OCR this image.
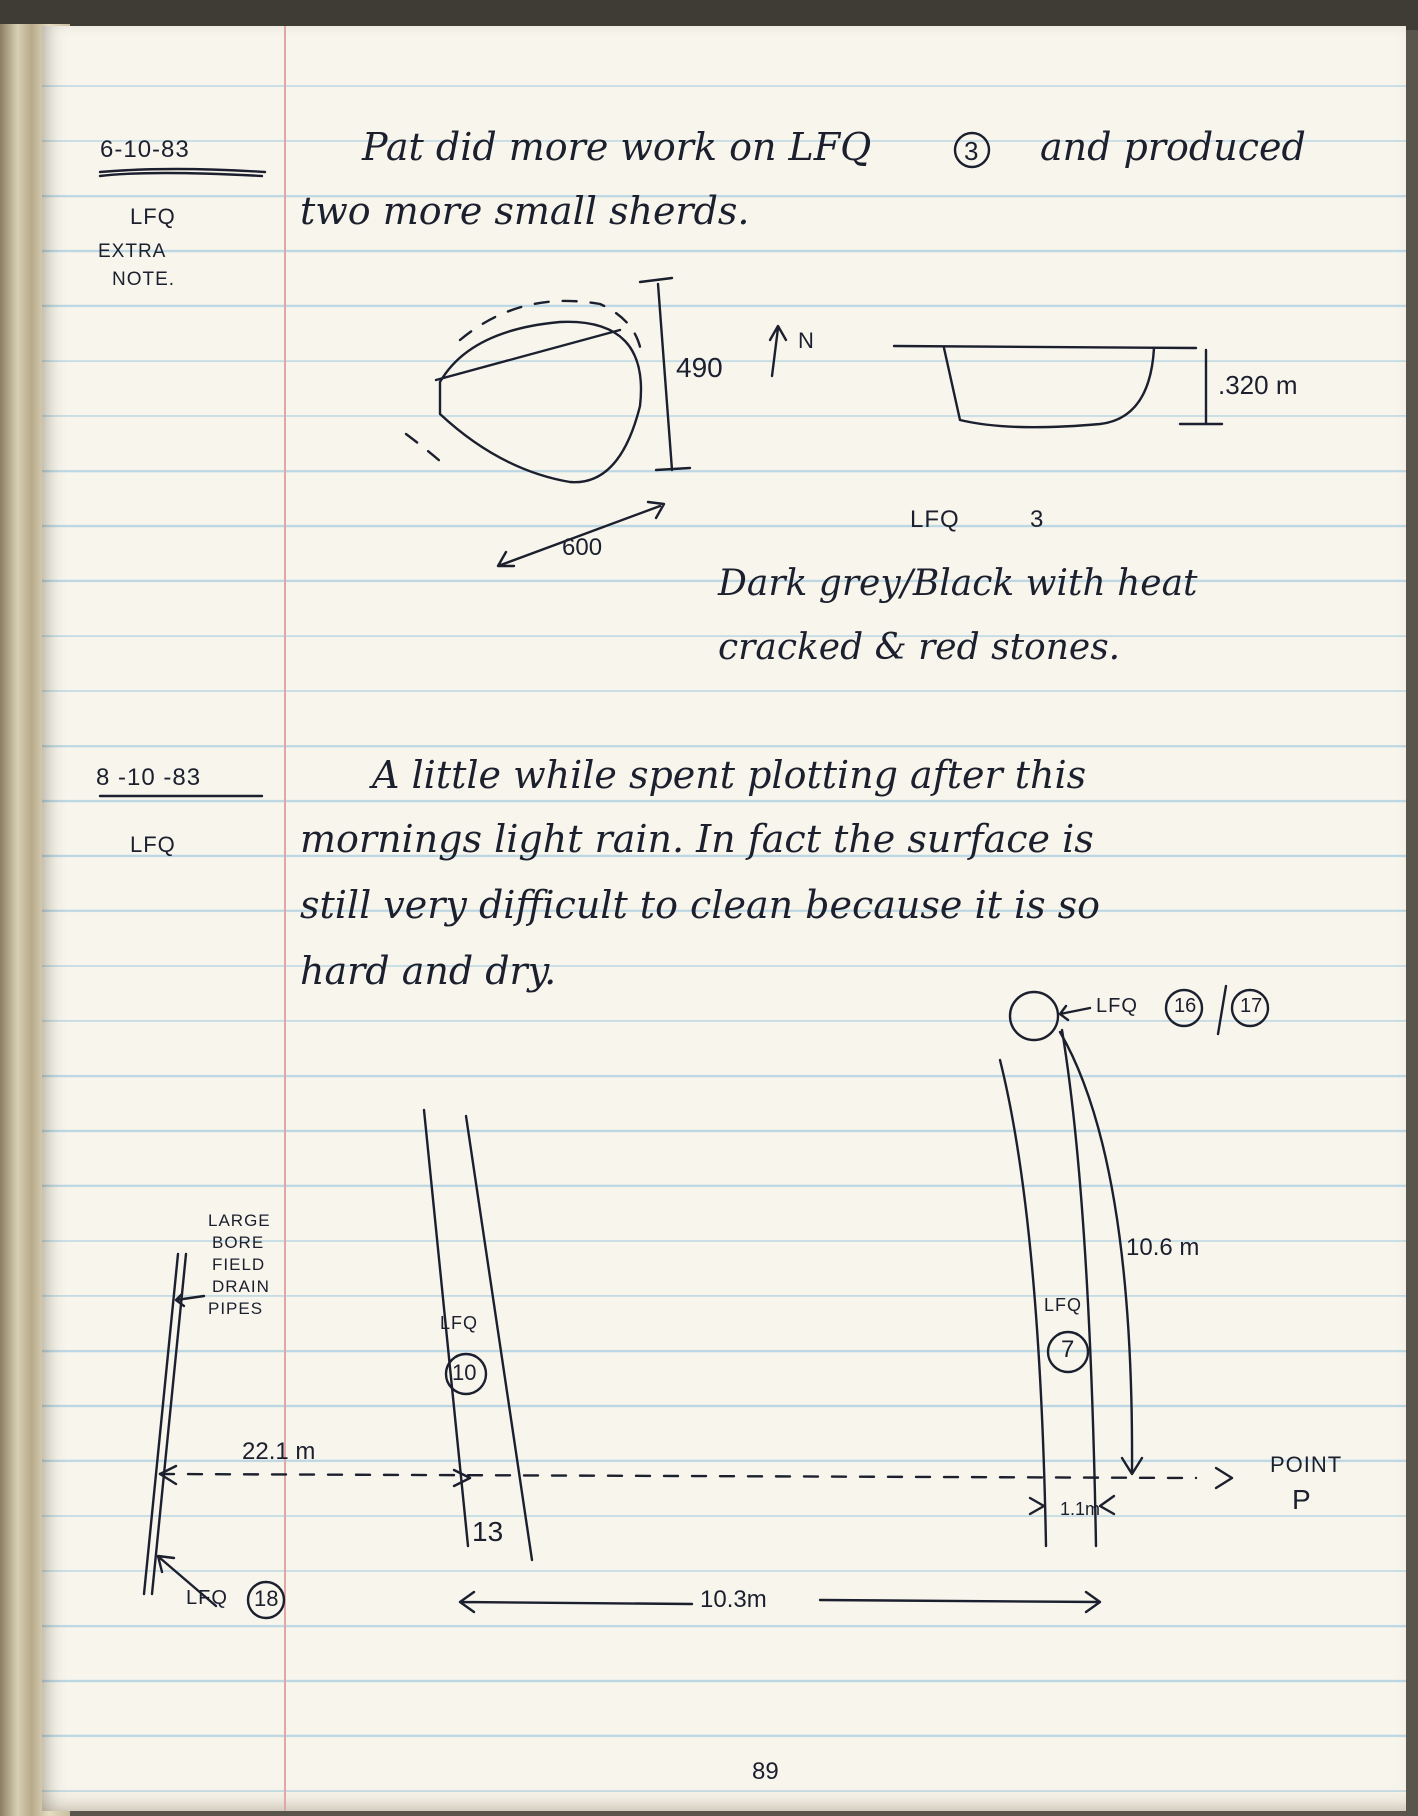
6-10-83
LFQ
EXTRA
NOTE.
Pat did more work on LFQ	3 and produced
two more small sherds.
490
N
.320 m
600
LFQ	3
Dark grey/Black with heat
cracked & red stones.
8 -10 -83
LFQ
A little while spent plotting after this
mornings light rain. In fact the surface is
still very difficult to clean because it is so
hard and dry.
LARGE
BORE
FIELD
DRAIN
PIPES
LFQ 18
LFQ
10
13
LFQ
7
LFQ 16 17
22.1 m
10.3m
10.6 m
1.1m
POINT
P
89
